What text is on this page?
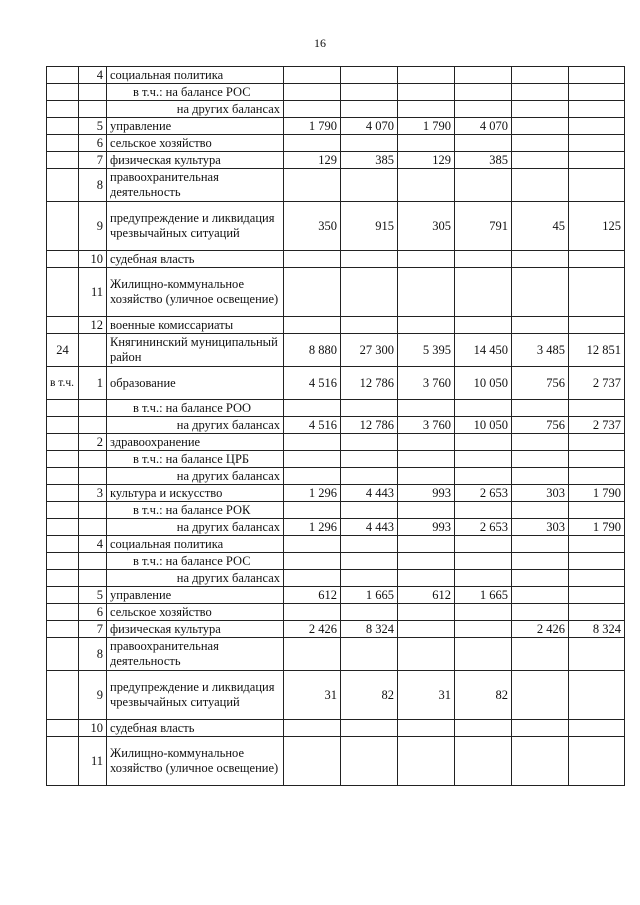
16
	4	социальная политика						
		в т.ч.: на балансе РОС						
		на других балансах						
	5	управление	1 790	4 070	1 790	4 070		
	6	сельское хозяйство						
	7	физическая культура	129	385	129	385		
	8	правоохранительная деятельность						
	9	предупреждение и ликвидация чрезвычайных ситуаций	350	915	305	791	45	125
	10	судебная власть						
	11	Жилищно-коммунальное хозяйство (уличное освещение)						
	12	военные комиссариаты						
24		Княгининский муниципальный район	8 880	27 300	5 395	14 450	3 485	12 851
в т.ч.	1	образование	4 516	12 786	3 760	10 050	756	2 737
		в т.ч.: на балансе РОО						
		на других балансах	4 516	12 786	3 760	10 050	756	2 737
	2	здравоохранение						
		в т.ч.: на балансе ЦРБ						
		на других балансах						
	3	культура и искусство	1 296	4 443	993	2 653	303	1 790
		в т.ч.: на балансе РОК						
		на других балансах	1 296	4 443	993	2 653	303	1 790
	4	социальная политика						
		в т.ч.: на балансе РОС						
		на других балансах						
	5	управление	612	1 665	612	1 665		
	6	сельское хозяйство						
	7	физическая культура	2 426	8 324			2 426	8 324
	8	правоохранительная деятельность						
	9	предупреждение и ликвидация чрезвычайных ситуаций	31	82	31	82		
	10	судебная власть						
	11	Жилищно-коммунальное хозяйство (уличное освещение)						
